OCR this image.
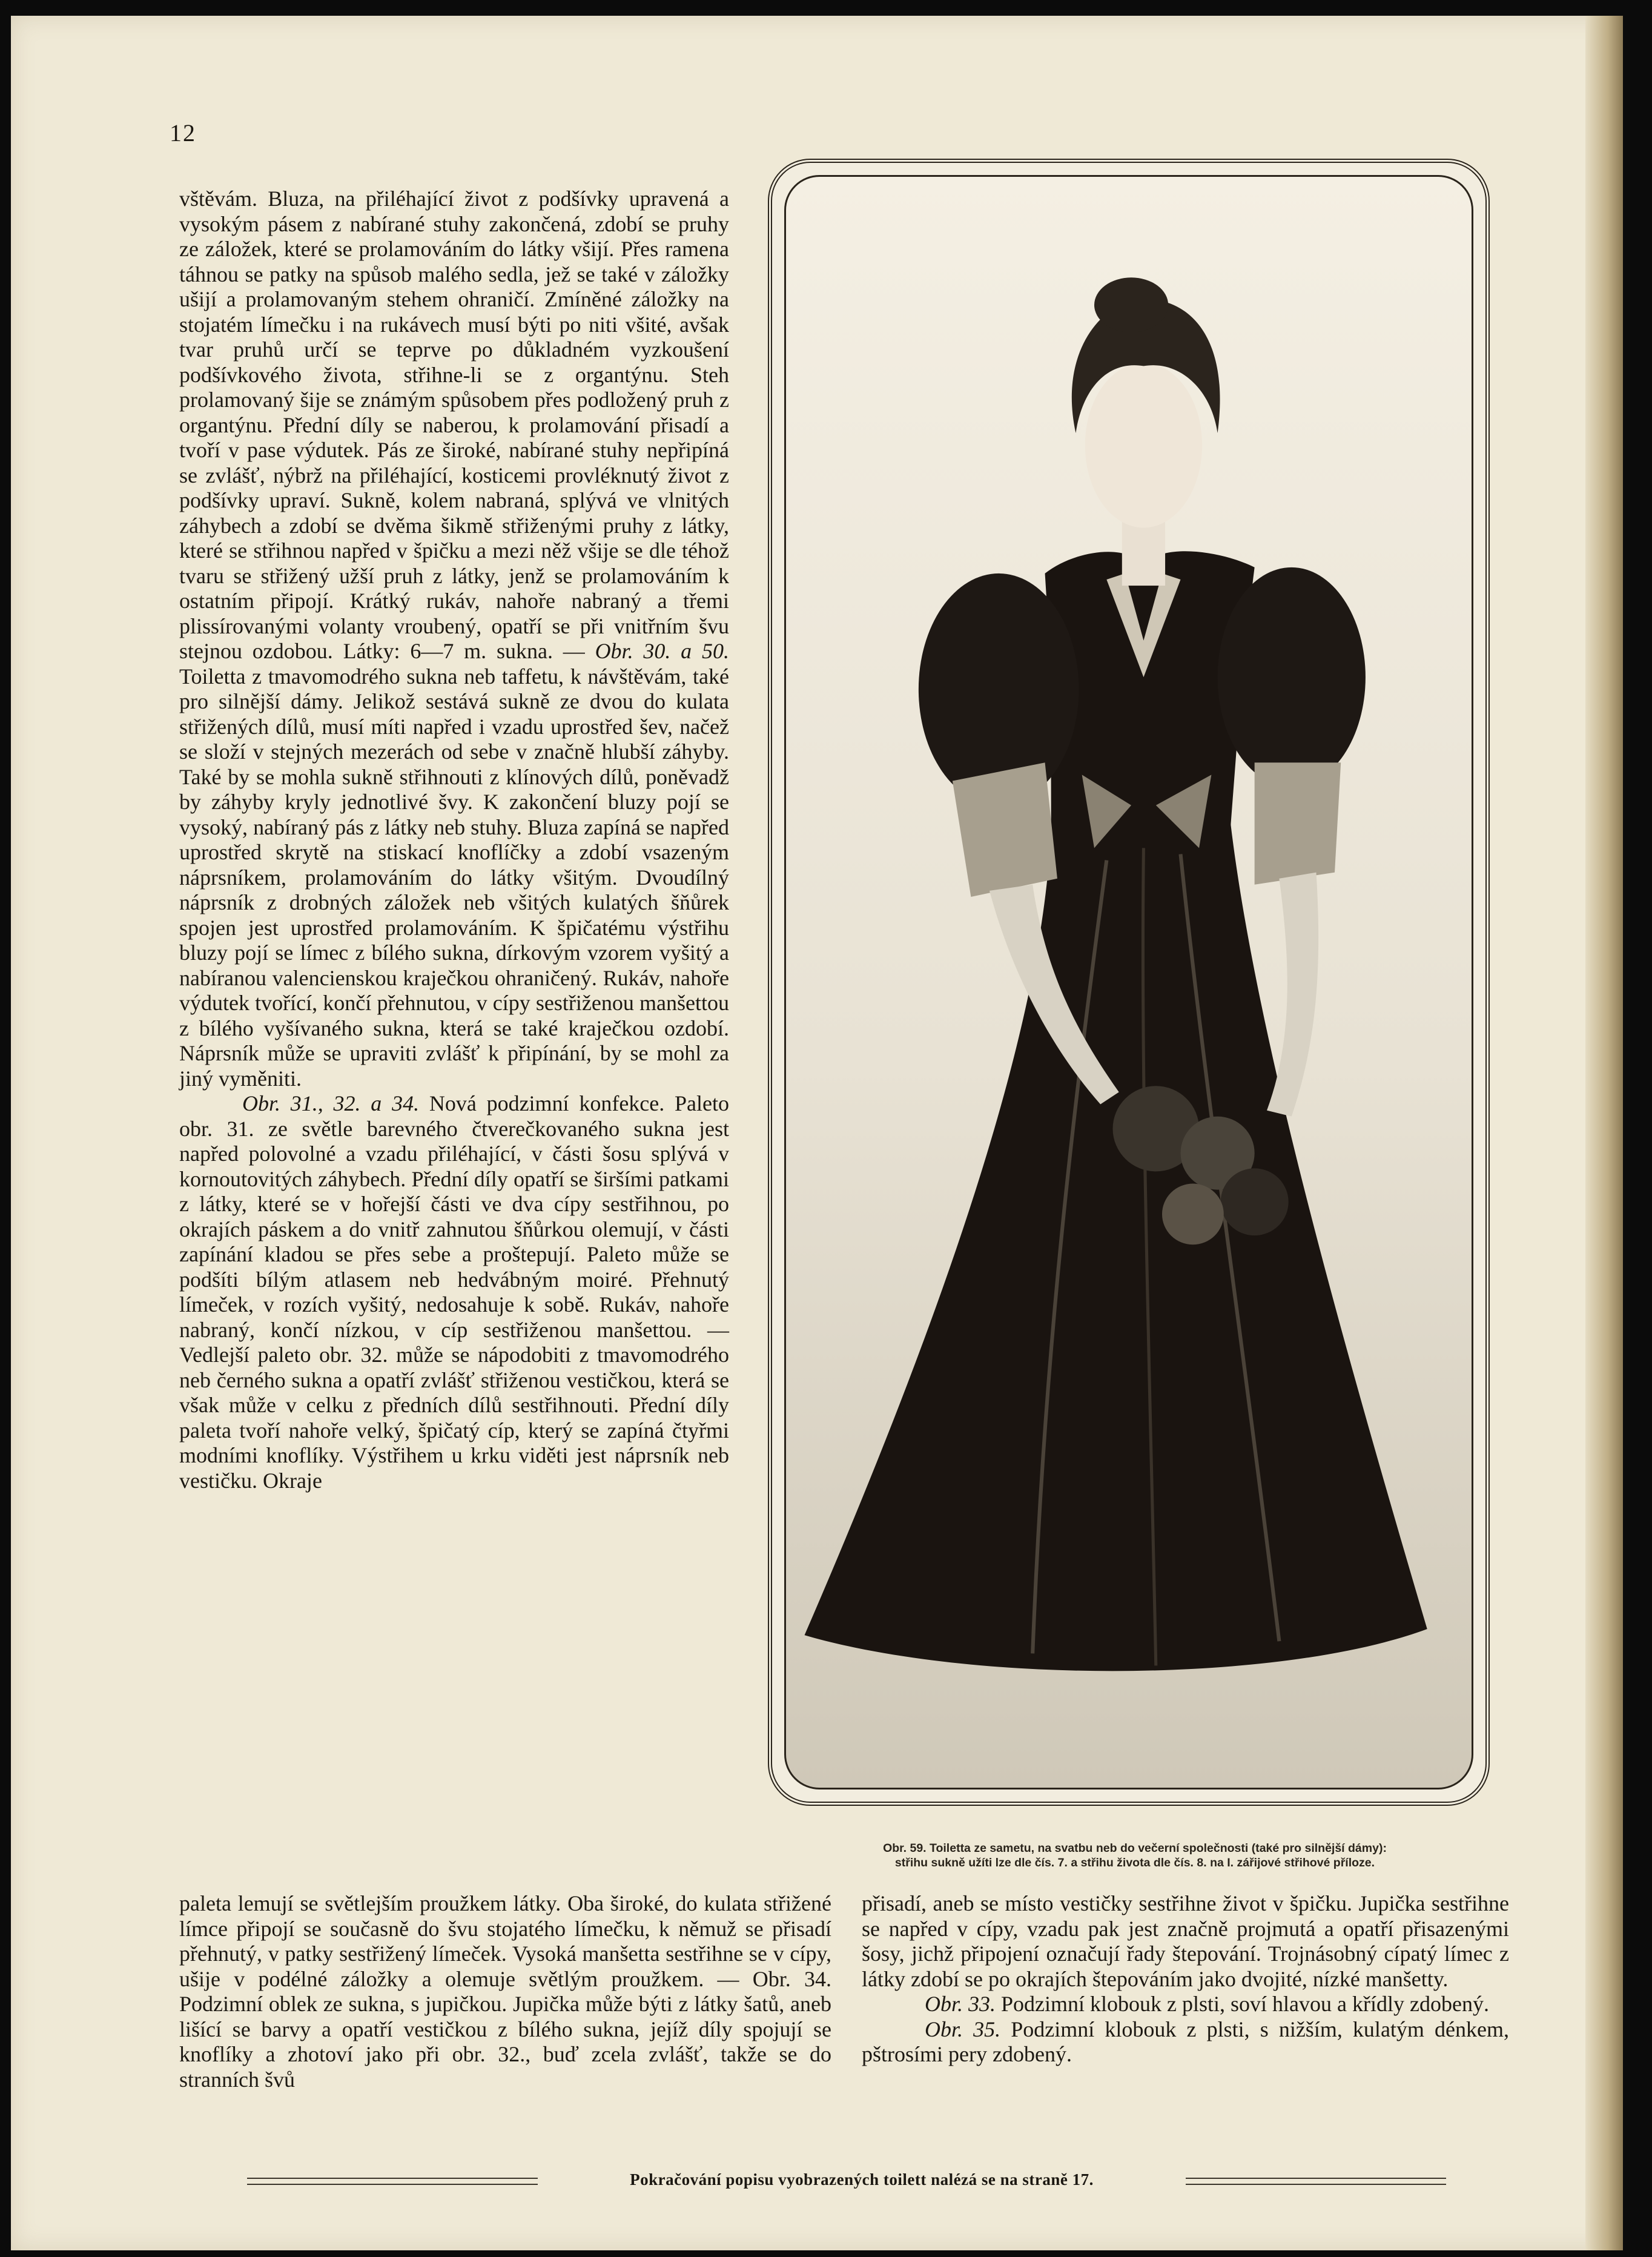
12

vštěvám. Bluza, na přiléhající život z podšívky upravená a vysokým pásem z nabírané stuhy zakončená, zdobí se pruhy ze záložek, které se prolamováním do látky všijí. Přes ramena táhnou se patky na spůsob malého sedla, jež se také v záložky ušijí a prolamovaným stehem ohraničí. Zmíněné záložky na stojatém límečku i na rukávech musí býti po niti všité, avšak tvar pruhů určí se teprve po důkladném vyzkoušení podšívkového života, střihne-li se z organtýnu. Steh prolamovaný šije se známým spůsobem přes podložený pruh z organtýnu. Přední díly se naberou, k prolamování přisadí a tvoří v pase výdutek. Pás ze široké, nabírané stuhy nepřipíná se zvlášť, nýbrž na přiléhající, kosticemi provléknutý život z podšívky upraví. Sukně, kolem nabraná, splývá ve vlnitých záhybech a zdobí se dvěma šikmě střiženými pruhy z látky, které se střihnou napřed v špičku a mezi něž všije se dle téhož tvaru se střižený užší pruh z látky, jenž se prolamováním k ostatním připojí. Krátký rukáv, nahoře nabraný a třemi plissírovanými volanty vroubený, opatří se při vnitřním švu stejnou ozdobou. Látky: 6—7 m. sukna. — Obr. 30. a 50. Toiletta z tmavomodrého sukna neb taffetu, k návštěvám, také pro silnější dámy. Jelikož sestává sukně ze dvou do kulata střižených dílů, musí míti napřed i vzadu uprostřed šev, načež se složí v stejných mezerách od sebe v značně hlubší záhyby. Také by se mohla sukně střihnouti z klínových dílů, poněvadž by záhyby kryly jednotlivé švy. K zakončení bluzy pojí se vysoký, nabíraný pás z látky neb stuhy. Bluza zapíná se napřed uprostřed skrytě na stiskací knoflíčky a zdobí vsazeným náprsníkem, prolamováním do látky všitým. Dvoudílný náprsník z drobných záložek neb všitých kulatých šňůrek spojen jest uprostřed prolamováním. K špičatému výstřihu bluzy pojí se límec z bílého sukna, dírkovým vzorem vyšitý a nabíranou valencienskou kraječkou ohraničený. Rukáv, nahoře výdutek tvořící, končí přehnutou, v cípy sestřiženou manšettou z bílého vyšívaného sukna, která se také kraječkou ozdobí. Náprsník může se upraviti zvlášť k připínání, by se mohl za jiný vyměniti.

Obr. 31., 32. a 34. Nová podzimní konfekce. Paleto obr. 31. ze světle barevného čtverečkovaného sukna jest napřed polovolné a vzadu přiléhající, v části šosu splývá v kornoutovitých záhybech. Přední díly opatří se širšími patkami z látky, které se v hořejší části ve dva cípy sestřihnou, po okrajích páskem a do vnitř zahnutou šňůrkou olemují, v části zapínání kladou se přes sebe a proštepují. Paleto může se podšíti bílým atlasem neb hedvábným moiré. Přehnutý límeček, v rozích vyšitý, nedosahuje k sobě. Rukáv, nahoře nabraný, končí nízkou, v cíp sestřiženou manšettou. — Vedlejší paleto obr. 32. může se nápodobiti z tmavomodrého neb černého sukna a opatří zvlášť střiženou vestičkou, která se však může v celku z předních dílů sestřihnouti. Přední díly paleta tvoří nahoře velký, špičatý cíp, který se zapíná čtyřmi modními knoflíky. Výstřihem u krku viděti jest náprsník neb vestičku. Okraje

Obr. 59. Toiletta ze sametu, na svatbu neb do večerní společnosti (také pro silnější dámy):
střihu sukně užíti lze dle čís. 7. a střihu života dle čís. 8. na I. zářijové střihové příloze.

paleta lemují se světlejším proužkem látky. Oba široké, do kulata střižené límce připojí se současně do švu stojatého límečku, k němuž se přisadí přehnutý, v patky sestřižený límeček. Vysoká manšetta sestřihne se v cípy, ušije v podélné záložky a olemuje světlým proužkem. — Obr. 34. Podzimní oblek ze sukna, s jupičkou. Jupička může býti z látky šatů, aneb lišící se barvy a opatří vestičkou z bílého sukna, jejíž díly spojují se knoflíky a zhotoví jako při obr. 32., buď zcela zvlášť, takže se do stranních švů

přisadí, aneb se místo vestičky sestřihne život v špičku. Jupička sestřihne se napřed v cípy, vzadu pak jest značně projmutá a opatří přisazenými šosy, jichž připojení označují řady štepování. Trojnásobný cípatý límec z látky zdobí se po okrajích štepováním jako dvojité, nízké manšetty.

Obr. 33. Podzimní klobouk z plsti, soví hlavou a křídly zdobený.

Obr. 35. Podzimní klobouk z plsti, s nižším, kulatým dénkem, pštrosími pery zdobený.

Pokračování popisu vyobrazených toilett nalézá se na straně 17.
